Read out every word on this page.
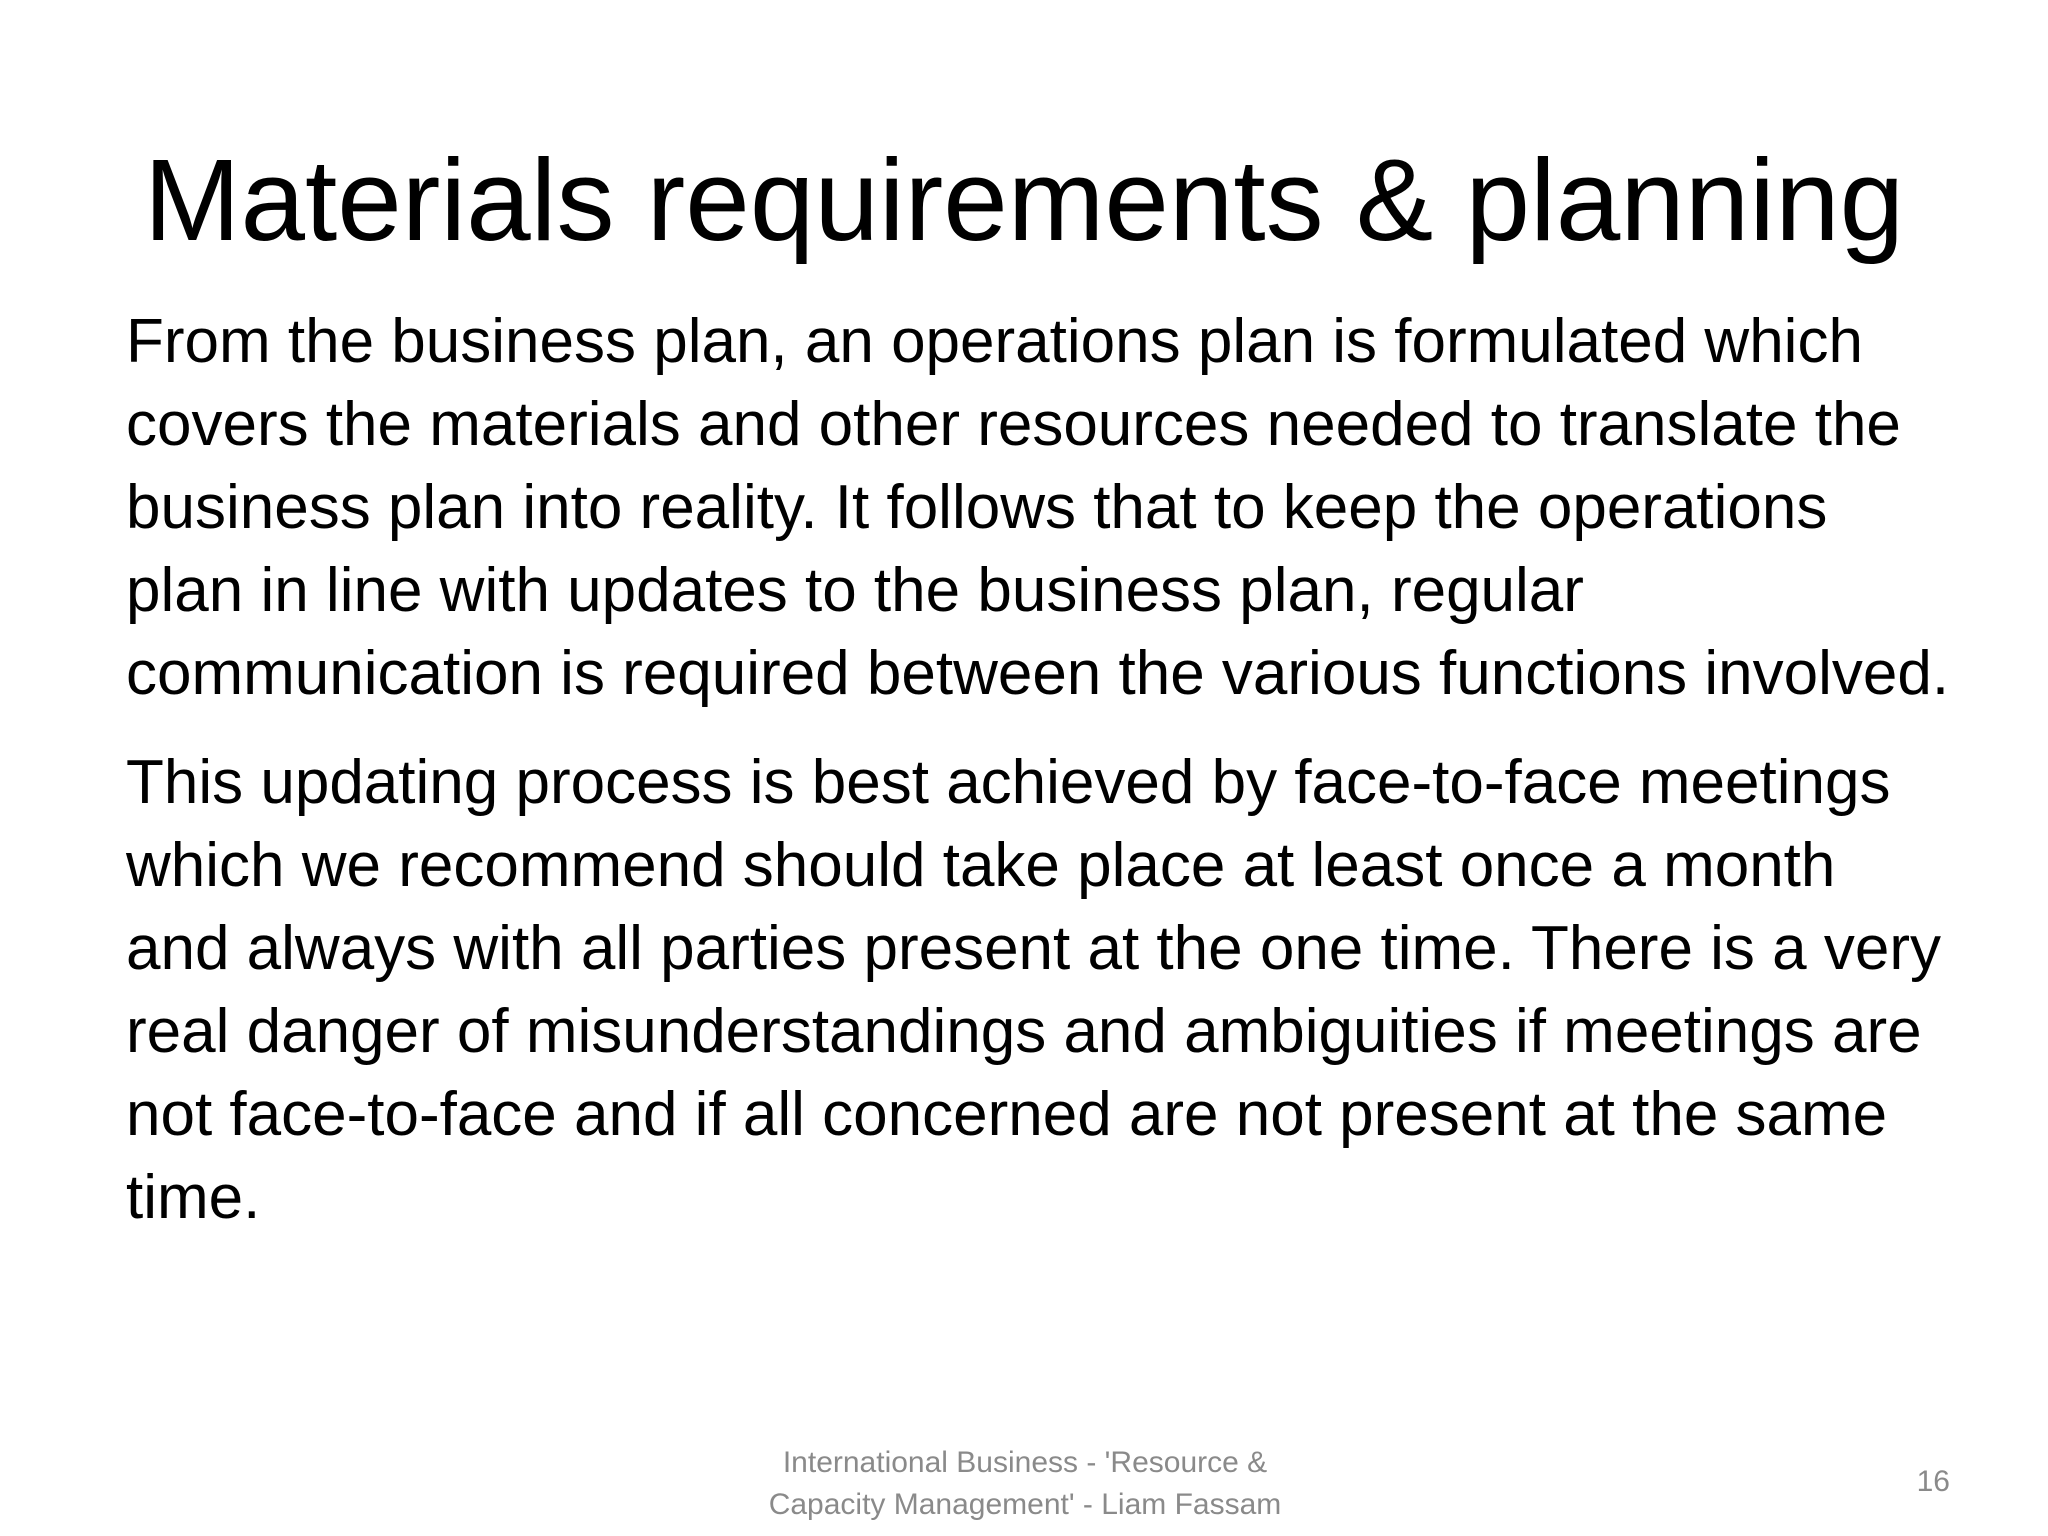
Materials requirements & planning

From the business plan, an operations plan is formulated which covers the materials and other resources needed to translate the business plan into reality. It follows that to keep the operations plan in line with updates to the business plan, regular communication is required between the various functions involved.

This updating process is best achieved by face-to-face meetings which we recommend should take place at least once a month and always with all parties present at the one time. There is a very real danger of misunderstandings and ambiguities if meetings are not face-to-face and if all concerned are not present at the same time.

International Business - 'Resource &
Capacity Management' - Liam Fassam
16
